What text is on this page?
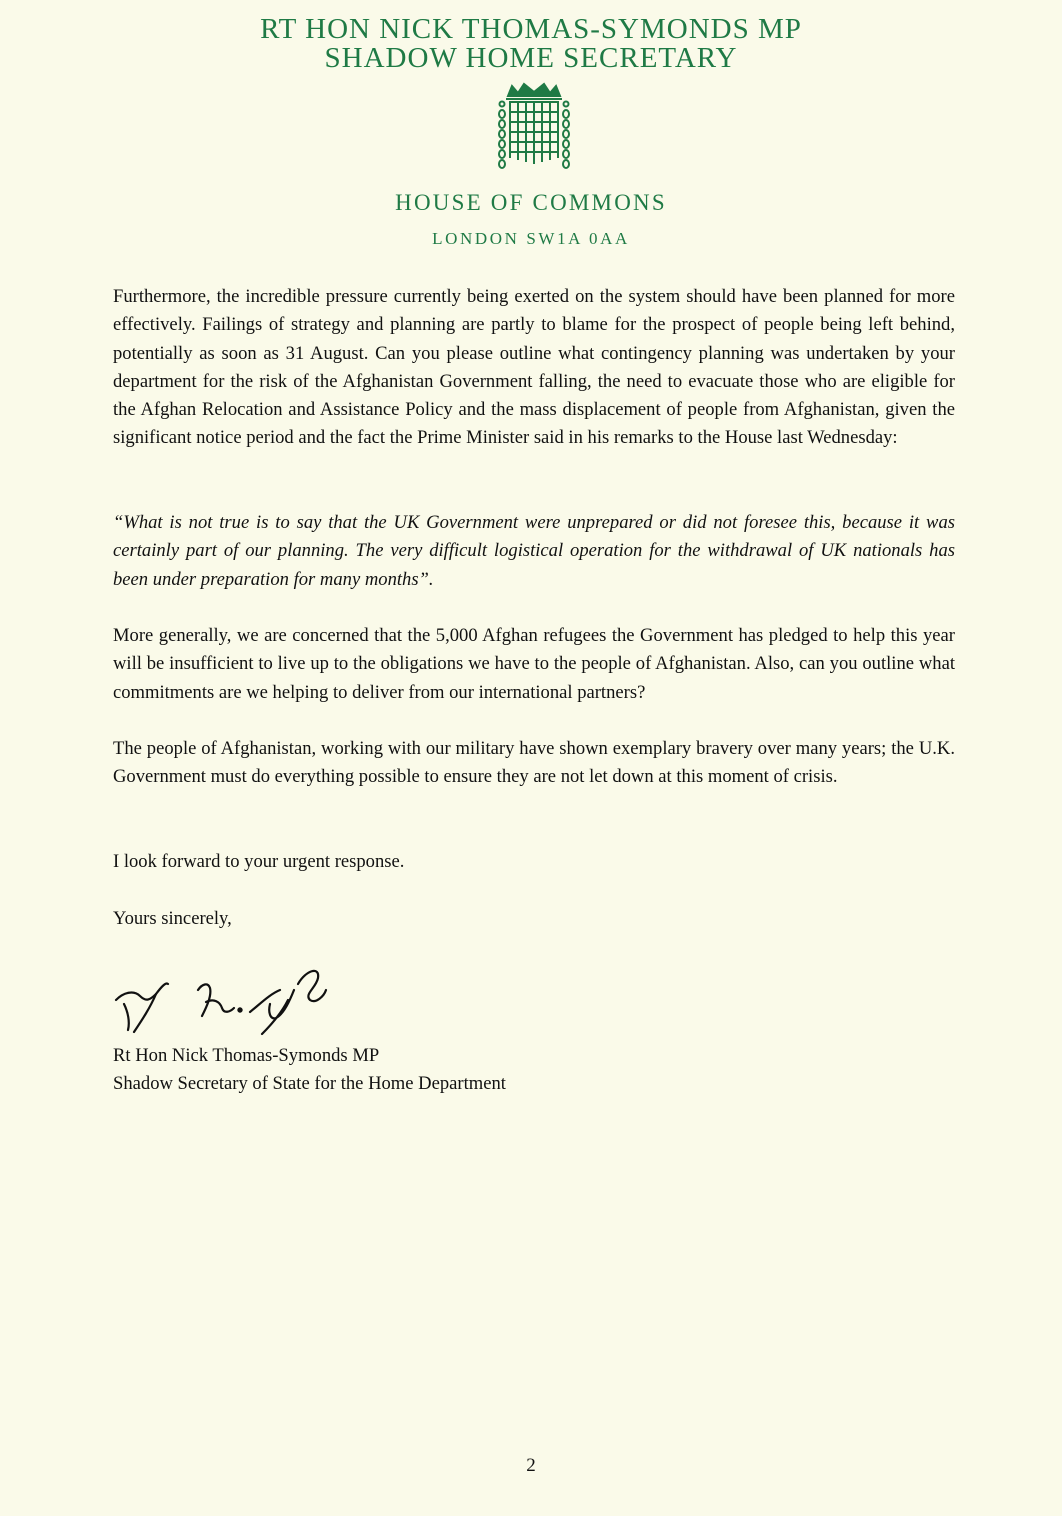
RT HON NICK THOMAS-SYMONDS MP
SHADOW HOME SECRETARY
HOUSE OF COMMONS
LONDON SW1A 0AA

Furthermore, the incredible pressure currently being exerted on the system should have been planned for more effectively. Failings of strategy and planning are partly to blame for the prospect of people being left behind, potentially as soon as 31 August. Can you please outline what contingency planning was undertaken by your department for the risk of the Afghanistan Government falling, the need to evacuate those who are eligible for the Afghan Relocation and Assistance Policy and the mass displacement of people from Afghanistan, given the significant notice period and the fact the Prime Minister said in his remarks to the House last Wednesday:

“What is not true is to say that the UK Government were unprepared or did not foresee this, because it was certainly part of our planning. The very difficult logistical operation for the withdrawal of UK nationals has been under preparation for many months”.

More generally, we are concerned that the 5,000 Afghan refugees the Government has pledged to help this year will be insufficient to live up to the obligations we have to the people of Afghanistan. Also, can you outline what commitments are we helping to deliver from our international partners?

The people of Afghanistan, working with our military have shown exemplary bravery over many years; the U.K. Government must do everything possible to ensure they are not let down at this moment of crisis.

I look forward to your urgent response.

Yours sincerely,

Rt Hon Nick Thomas-Symonds MP
Shadow Secretary of State for the Home Department
2
